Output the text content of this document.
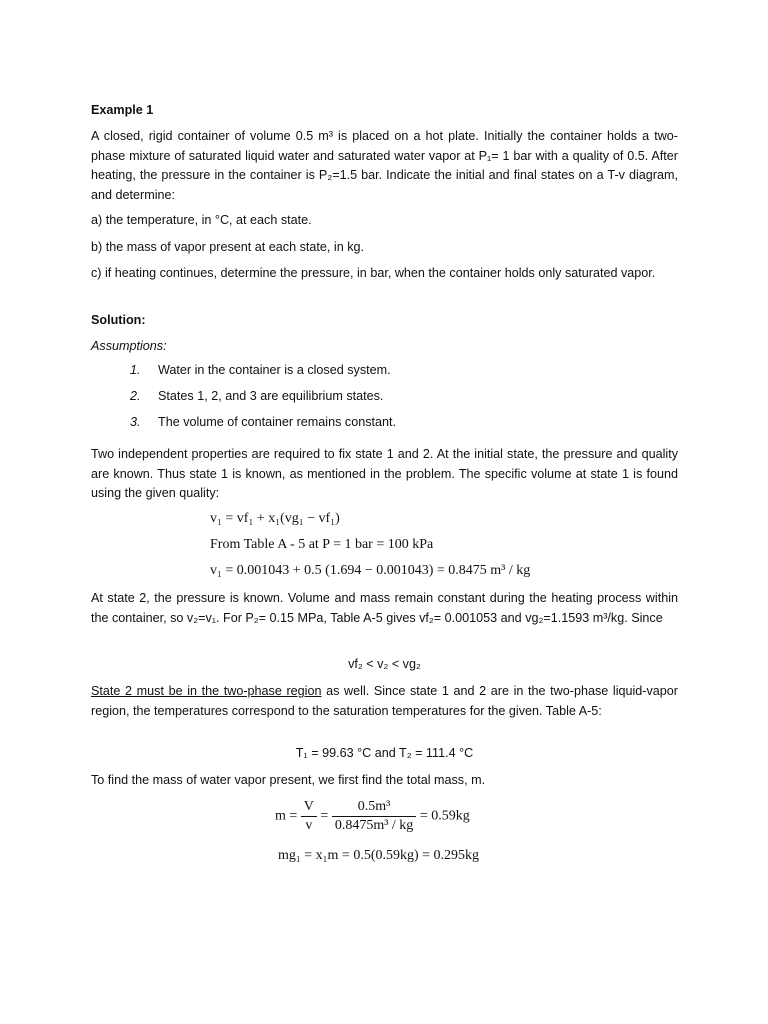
Example 1

A closed, rigid container of volume 0.5 m³ is placed on a hot plate. Initially the container holds a two-phase mixture of saturated liquid water and saturated water vapor at P₁= 1 bar with a quality of 0.5. After heating, the pressure in the container is P₂=1.5 bar. Indicate the initial and final states on a T-v diagram, and determine:

a) the temperature, in °C, at each state.

b) the mass of vapor present at each state, in kg.

c) if heating continues, determine the pressure, in bar, when the container holds only saturated vapor.

Solution:

Assumptions:

1. Water in the container is a closed system.
2. States 1, 2, and 3 are equilibrium states.
3. The volume of container remains constant.

Two independent properties are required to fix state 1 and 2. At the initial state, the pressure and quality are known. Thus state 1 is known, as mentioned in the problem. The specific volume at state 1 is found using the given quality:

v₁ = vf₁ + x₁(vg₁ − vf₁)
From Table A - 5 at P = 1 bar = 100 kPa
v₁ = 0.001043 + 0.5 (1.694 − 0.001043) = 0.8475 m³ / kg

At state 2, the pressure is known. Volume and mass remain constant during the heating process within the container, so v₂=v₁. For P₂= 0.15 MPa, Table A-5 gives vf₂= 0.001053 and vg₂=1.1593 m³/kg. Since

vf₂ < v₂ < vg₂

State 2 must be in the two-phase region as well. Since state 1 and 2 are in the two-phase liquid-vapor region, the temperatures correspond to the saturation temperatures for the given. Table A-5:

T₁ = 99.63 °C and T₂ = 111.4 °C

To find the mass of water vapor present, we first find the total mass, m.

$m = \frac{V}{v} = \frac{\text{0.5m³}}{\text{0.8475m³ / kg}} = 0.59kg$
mg₁ = x₁m = 0.5(0.59kg) = 0.295kg
